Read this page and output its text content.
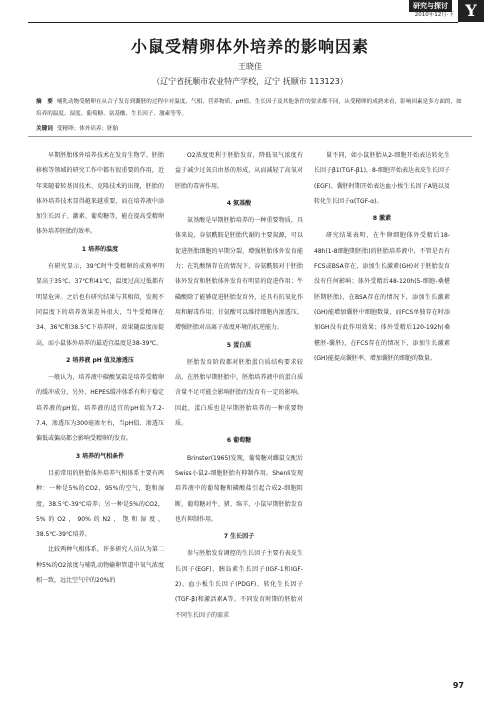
研究与探讨
2010年12月·下 Y
小鼠受精卵体外培养的影响因素
王晓佳
（辽宁省抚顺市农业特产学校，辽宁 抚顺市 113123）
摘　要 哺乳动物受精卵在从合子发育到囊胚的过程中对温度、气相、营养物质、pH值、生长因子及其他条件的要求都不同，从受精卵的成熟来看，影响因素是多方面的，如培养的温度、湿度、葡萄糖、氨基酸、生长因子、激素等等。
关键词 受精卵；体外培养；胚胎

早期胚胎体外培养技术在发育生物学、胚胎移植等领域的研究工作中都有很重要的作用，近年来随着转基因技术、克隆技术的出现，胚胎的体外培养技术显得越来越重要，而在培养液中添加生长因子、激素、葡萄糖等，能在提高受精卵体外培养胚胎的效率。

1 培养的温度

有研究显示，39℃时牛受精卵的成熟率明显高于35℃、37℃和41℃，温度过高过低都有明显危害。之后也有研究结果与其相似，发现不同温度下的培养效果差异很大，当牛受精卵在34、36℃和38.5℃下培养时，效果随温度而提高，而小鼠体外培养的最适宜温度是38-39℃。

2 培养液 pH 值及渗透压

一般认为，培养液中碳酸氢盐是培养受精卵的缓冲成分，另外，HEPES缓冲体系有利于稳定培养液的pH值，培养液的适宜的pH值为7.2-7.4，渗透压为300毫渗左右，当pH值、渗透压偏低或偏高都会影响受精卵的发育。

3 培养的气相条件

目前常用的胚胎体外培养气相体系主要有两种：一种是5%的CO2，95%的空气，饱和湿度，38.5℃-39℃培养；另一种是5%的CO2，5%的O2，90%的N2，饱和湿度，38.5℃-39℃培养。

比较两种气相体系，许多研究人员认为第二种5%的O2浓度与哺乳动物输卵管道中氧气浓度相一致，远比空气中的20%的

O2浓度更利于胚胎发育，降低氧气浓度有益于减少过氧自由基的形成，从而减轻了高氧对胚胎的毒害作用。

4 氨基酸

氨基酸是早期胚胎培养的一种重要物质，具体来说，谷氨酰胺是胚胎代谢的主要氮源，可以促进胚胎细胞的早期分裂，增强胚胎体外发育能力；在乳酸钠存在的情况下，谷氨酰胺对于胚胎体外发育和胚胎体外发育有明显的促进作用；牛磺酸除了能够促进胚胎发育外，还具有抗氧化作用和解毒作用；甘氨酸可以维持细胞内渗透压，增强胚胎对高离子浓度环境的抗逆能力。

5 蛋白质

胚胎发育阶段都对胚胎蛋白质结构要求较高，在胚胎早期胚胎中，胚胎培养液中的蛋白质含量不足可能会影响胚胎的发育有一定的影响。因此，蛋白质也是早期胚胎培养的一种重要物质。

6 葡萄糖

Brinster(1965)发现，葡萄糖对雌鼠交配后Swiss小鼠2-细胞胚胎有抑制作用。Shenli发现培养液中的葡萄糖和磷酸盐引起合成2-细胞阻断，葡萄糖对牛、猪、绵羊、小鼠早期胚胎发育也有抑制作用。

7 生长因子

参与胚胎发育调控的生长因子主要有表皮生长因子(EGF)、胰岛素生长因子(IGF-1和IGF-2)、血小板生长因子(PDGF)、转化生长因子(TGF-β)和激活素A等。不同发育时期的胚胎对不同生长因子的需求

量不同，如小鼠胚胎从2-细胞开始表达转化生长因子β1(TGF-β1)，8-细胞开始表达表皮生长因子(EGF)、囊胚时期开始表达血小板生长因子A链以及转化生长因子α(TGF-α)。

8 激素

研究结果表明，在牛卵细胞体外受精后18-48h(1-8细胞期胚胎)的胚胎培养液中，不管是否有FCS或BSA存在，添加生长激素(GH)对于胚胎发育没有任何影响；体外受精后48-120h(5-细胞-桑椹胚期胚胎)，在BSA存在的情况下，添加生长激素(GH)能增加囊胚中细胞数量，而FCS单独存在时添加GH没有此作用效果；体外受精后120-192h(桑椹胚-囊胚)，在FCS存在的情况下，添加生长激素(GH)能提高囊胚率，增加囊胚的细胞的数量。

97
